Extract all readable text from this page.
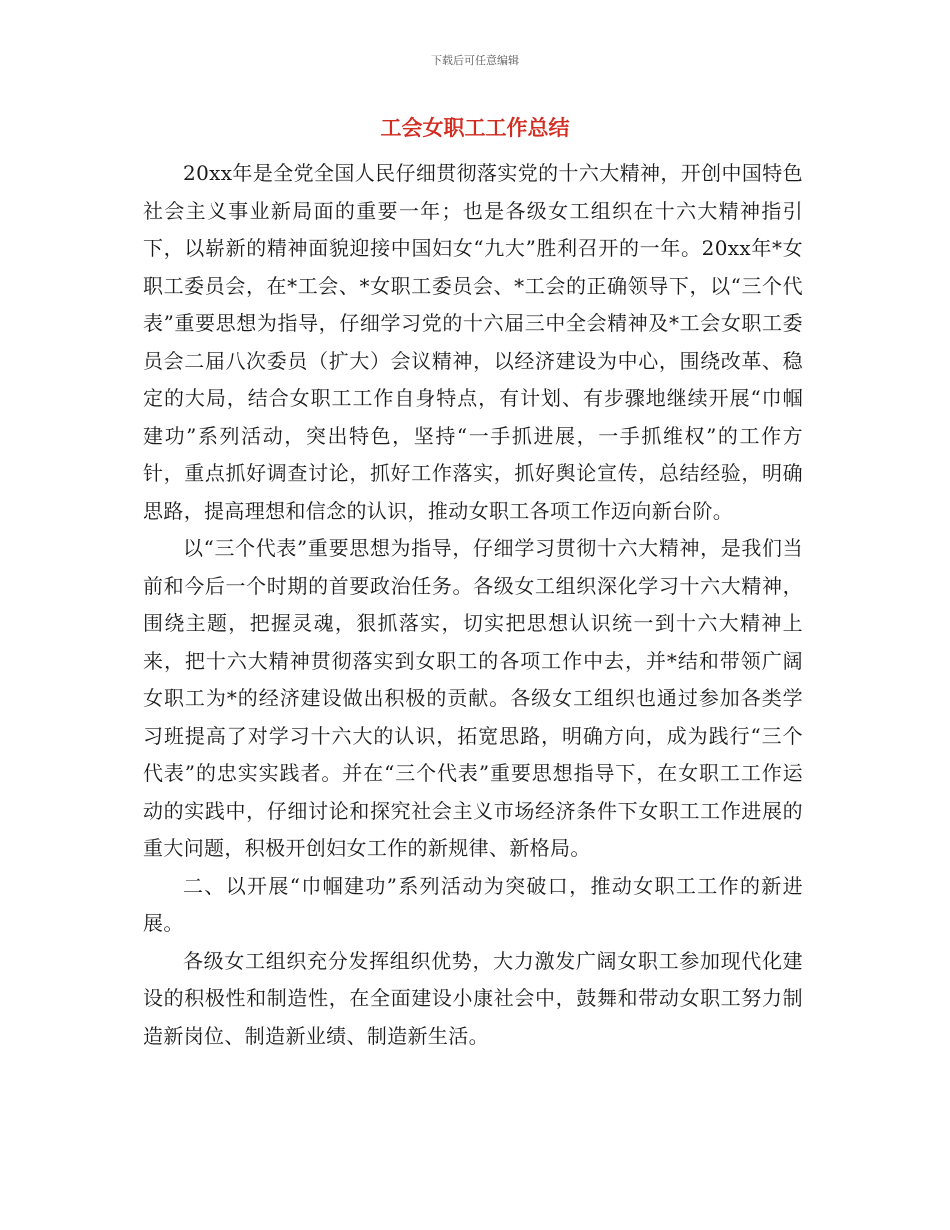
下载后可任意编辑
工会女职工工作总结

20xx年是全党全国人民仔细贯彻落实党的十六大精神，开创中国特色社会主义事业新局面的重要一年；也是各级女工组织在十六大精神指引下，以崭新的精神面貌迎接中国妇女“九大”胜利召开的一年。20xx年*女职工委员会，在*工会、*女职工委员会、*工会的正确领导下，以“三个代表”重要思想为指导，仔细学习党的十六届三中全会精神及*工会女职工委员会二届八次委员（扩大）会议精神，以经济建设为中心，围绕改革、稳定的大局，结合女职工工作自身特点，有计划、有步骤地继续开展“巾帼建功”系列活动，突出特色，坚持“一手抓进展，一手抓维权”的工作方针，重点抓好调查讨论，抓好工作落实，抓好舆论宣传，总结经验，明确思路，提高理想和信念的认识，推动女职工各项工作迈向新台阶。

以“三个代表”重要思想为指导，仔细学习贯彻十六大精神，是我们当前和今后一个时期的首要政治任务。各级女工组织深化学习十六大精神，围绕主题，把握灵魂，狠抓落实，切实把思想认识统一到十六大精神上来，把十六大精神贯彻落实到女职工的各项工作中去，并*结和带领广阔女职工为*的经济建设做出积极的贡献。各级女工组织也通过参加各类学习班提高了对学习十六大的认识，拓宽思路，明确方向，成为践行“三个代表”的忠实实践者。并在“三个代表”重要思想指导下，在女职工工作运动的实践中，仔细讨论和探究社会主义市场经济条件下女职工工作进展的重大问题，积极开创妇女工作的新规律、新格局。

二、以开展“巾帼建功”系列活动为突破口，推动女职工工作的新进展。

各级女工组织充分发挥组织优势，大力激发广阔女职工参加现代化建设的积极性和制造性，在全面建设小康社会中，鼓舞和带动女职工努力制造新岗位、制造新业绩、制造新生活。
